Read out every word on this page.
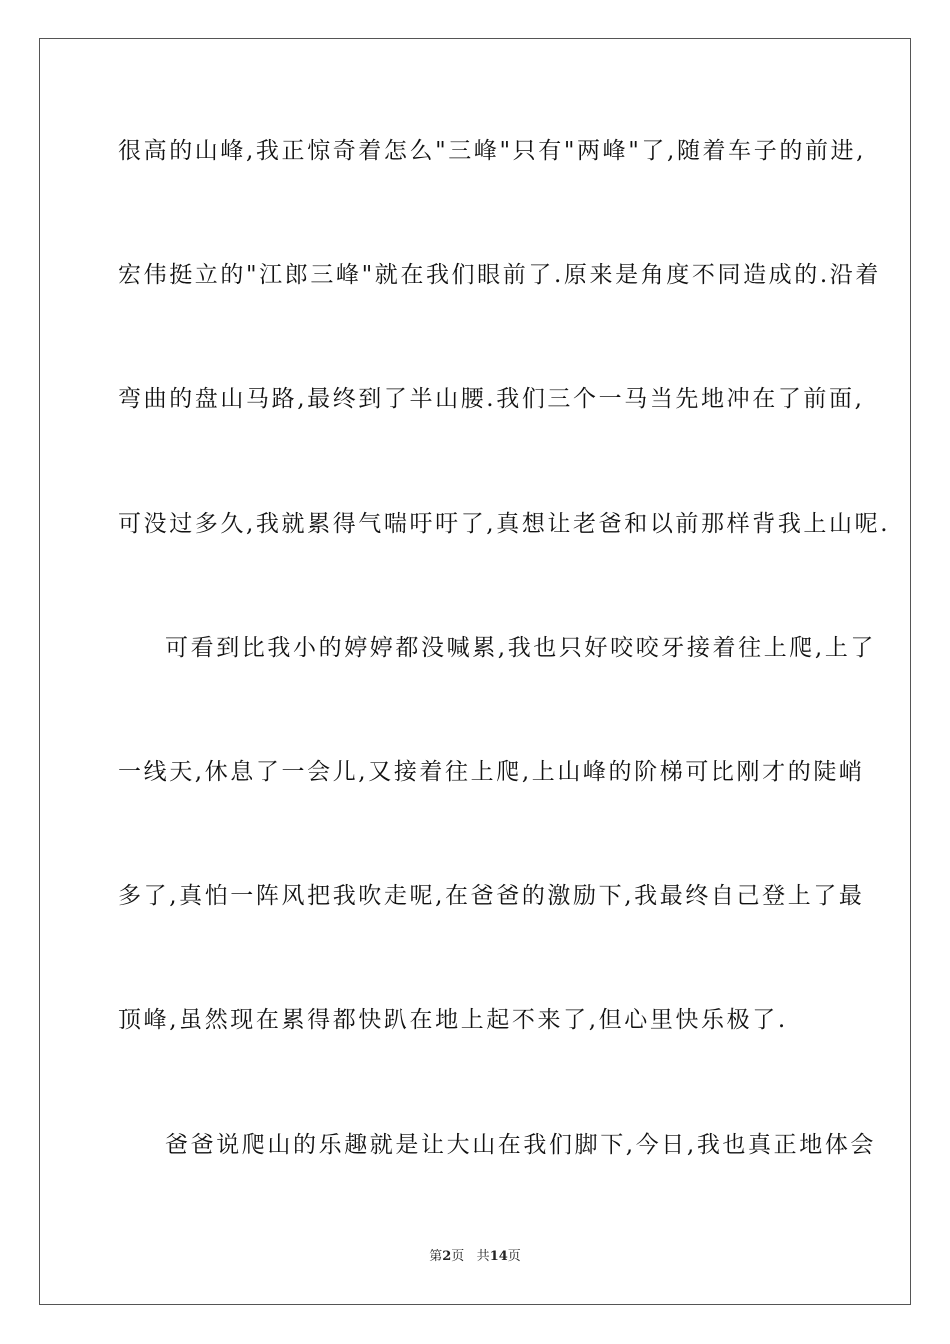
很高的山峰,我正惊奇着怎么"三峰"只有"两峰"了,随着车子的前进,
宏伟挺立的"江郎三峰"就在我们眼前了.原来是角度不同造成的.沿着
弯曲的盘山马路,最终到了半山腰.我们三个一马当先地冲在了前面,
可没过多久,我就累得气喘吁吁了,真想让老爸和以前那样背我上山呢.
可看到比我小的婷婷都没喊累,我也只好咬咬牙接着往上爬,上了
一线天,休息了一会儿,又接着往上爬,上山峰的阶梯可比刚才的陡峭
多了,真怕一阵风把我吹走呢,在爸爸的激励下,我最终自己登上了最
顶峰,虽然现在累得都快趴在地上起不来了,但心里快乐极了.
爸爸说爬山的乐趣就是让大山在我们脚下,今日,我也真正地体会
第2页 共14页
